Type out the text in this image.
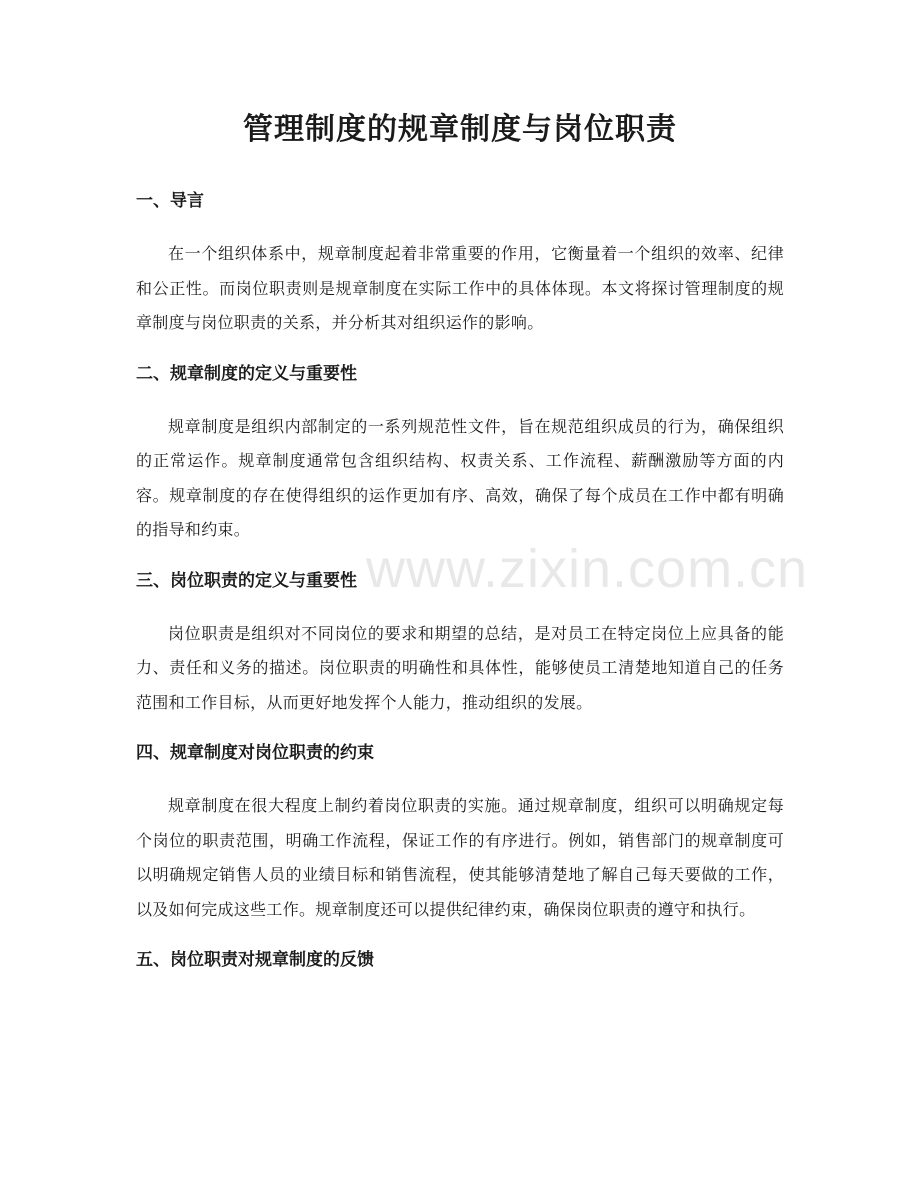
管理制度的规章制度与岗位职责
一、导言

在一个组织体系中，规章制度起着非常重要的作用，它衡量着一个组织的效率、纪律和公正性。而岗位职责则是规章制度在实际工作中的具体体现。本文将探讨管理制度的规章制度与岗位职责的关系，并分析其对组织运作的影响。

二、规章制度的定义与重要性

规章制度是组织内部制定的一系列规范性文件，旨在规范组织成员的行为，确保组织的正常运作。规章制度通常包含组织结构、权责关系、工作流程、薪酬激励等方面的内容。规章制度的存在使得组织的运作更加有序、高效，确保了每个成员在工作中都有明确的指导和约束。

三、岗位职责的定义与重要性

岗位职责是组织对不同岗位的要求和期望的总结，是对员工在特定岗位上应具备的能力、责任和义务的描述。岗位职责的明确性和具体性，能够使员工清楚地知道自己的任务范围和工作目标，从而更好地发挥个人能力，推动组织的发展。

四、规章制度对岗位职责的约束

规章制度在很大程度上制约着岗位职责的实施。通过规章制度，组织可以明确规定每个岗位的职责范围，明确工作流程，保证工作的有序进行。例如，销售部门的规章制度可以明确规定销售人员的业绩目标和销售流程，使其能够清楚地了解自己每天要做的工作，以及如何完成这些工作。规章制度还可以提供纪律约束，确保岗位职责的遵守和执行。

五、岗位职责对规章制度的反馈
www.zixin.com.cn
